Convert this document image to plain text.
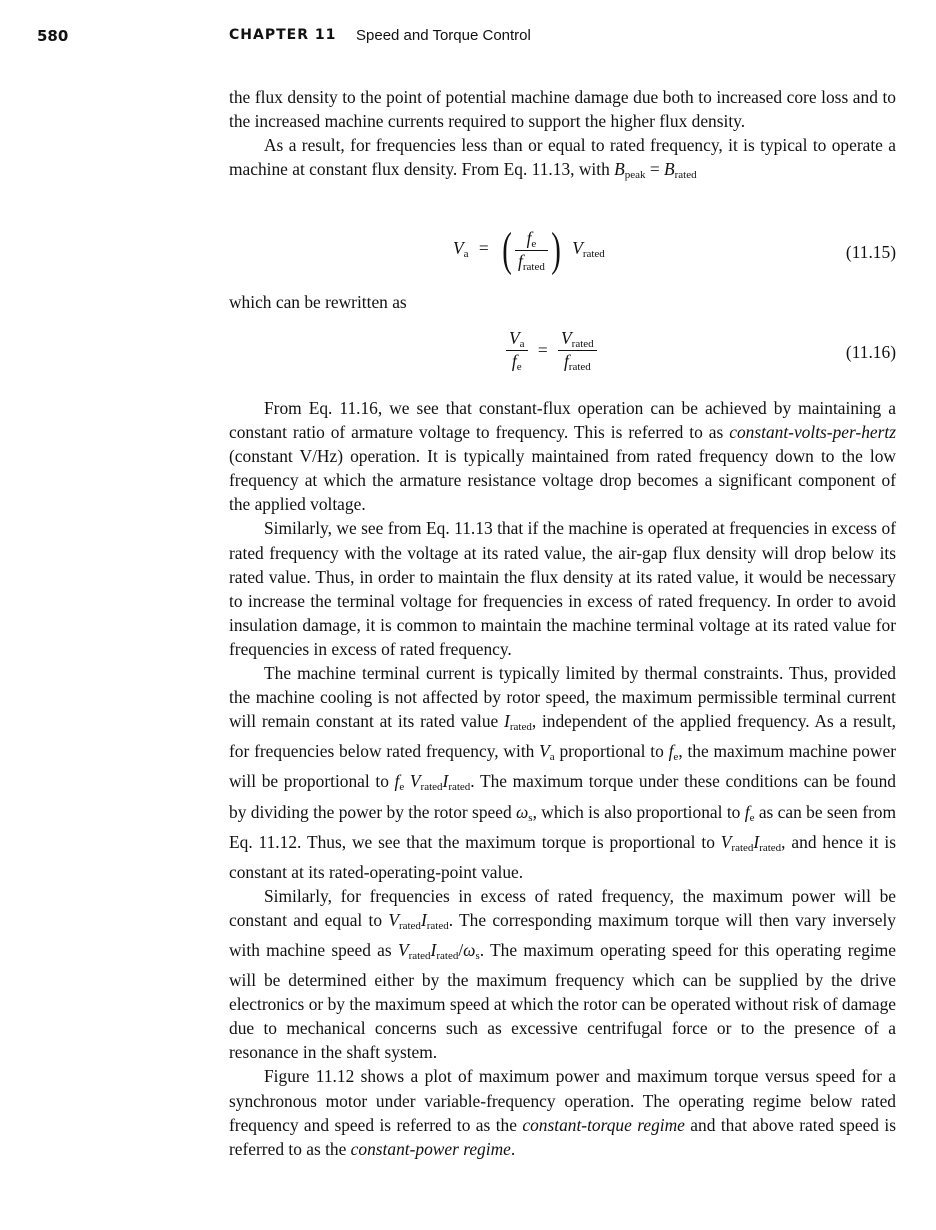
580	CHAPTER 11 Speed and Torque Control

the flux density to the point of potential machine damage due both to increased core loss and to the increased machine currents required to support the higher flux density.

As a result, for frequencies less than or equal to rated frequency, it is typical to operate a machine at constant flux density. From Eq. 11.13, with $B_{peak} = B_{rated}$

$V_a$ = ( $\frac{f_e}{f_{rated}}$ ) $V_{rated}$	(11.15)

which can be rewritten as

$\frac{V_a}{f_e} = \frac{V_{rated}}{f_{rated}}$	(11.16)

From Eq. 11.16, we see that constant-flux operation can be achieved by maintaining a constant ratio of armature voltage to frequency. This is referred to as constant-volts-per-hertz (constant V/Hz) operation. It is typically maintained from rated frequency down to the low frequency at which the armature resistance voltage drop becomes a significant component of the applied voltage.

Similarly, we see from Eq. 11.13 that if the machine is operated at frequencies in excess of rated frequency with the voltage at its rated value, the air-gap flux density will drop below its rated value. Thus, in order to maintain the flux density at its rated value, it would be necessary to increase the terminal voltage for frequencies in excess of rated frequency. In order to avoid insulation damage, it is common to maintain the machine terminal voltage at its rated value for frequencies in excess of rated frequency.

The machine terminal current is typically limited by thermal constraints. Thus, provided the machine cooling is not affected by rotor speed, the maximum permissible terminal current will remain constant at its rated value $I_{rated}$, independent of the applied frequency. As a result, for frequencies below rated frequency, with $V_a$ proportional to $f_e$, the maximum machine power will be proportional to $f_e$ $V_{rated}I_{rated}$. The maximum torque under these conditions can be found by dividing the power by the rotor speed $\omega_s$, which is also proportional to $f_e$ as can be seen from Eq. 11.12. Thus, we see that the maximum torque is proportional to $V_{rated}I_{rated}$, and hence it is constant at its rated-operating-point value.

Similarly, for frequencies in excess of rated frequency, the maximum power will be constant and equal to $V_{rated}I_{rated}$. The corresponding maximum torque will then vary inversely with machine speed as $V_{rated}I_{rated}/\omega_s$. The maximum operating speed for this operating regime will be determined either by the maximum frequency which can be supplied by the drive electronics or by the maximum speed at which the rotor can be operated without risk of damage due to mechanical concerns such as excessive centrifugal force or to the presence of a resonance in the shaft system.

Figure 11.12 shows a plot of maximum power and maximum torque versus speed for a synchronous motor under variable-frequency operation. The operating regime below rated frequency and speed is referred to as the constant-torque regime and that above rated speed is referred to as the constant-power regime.
